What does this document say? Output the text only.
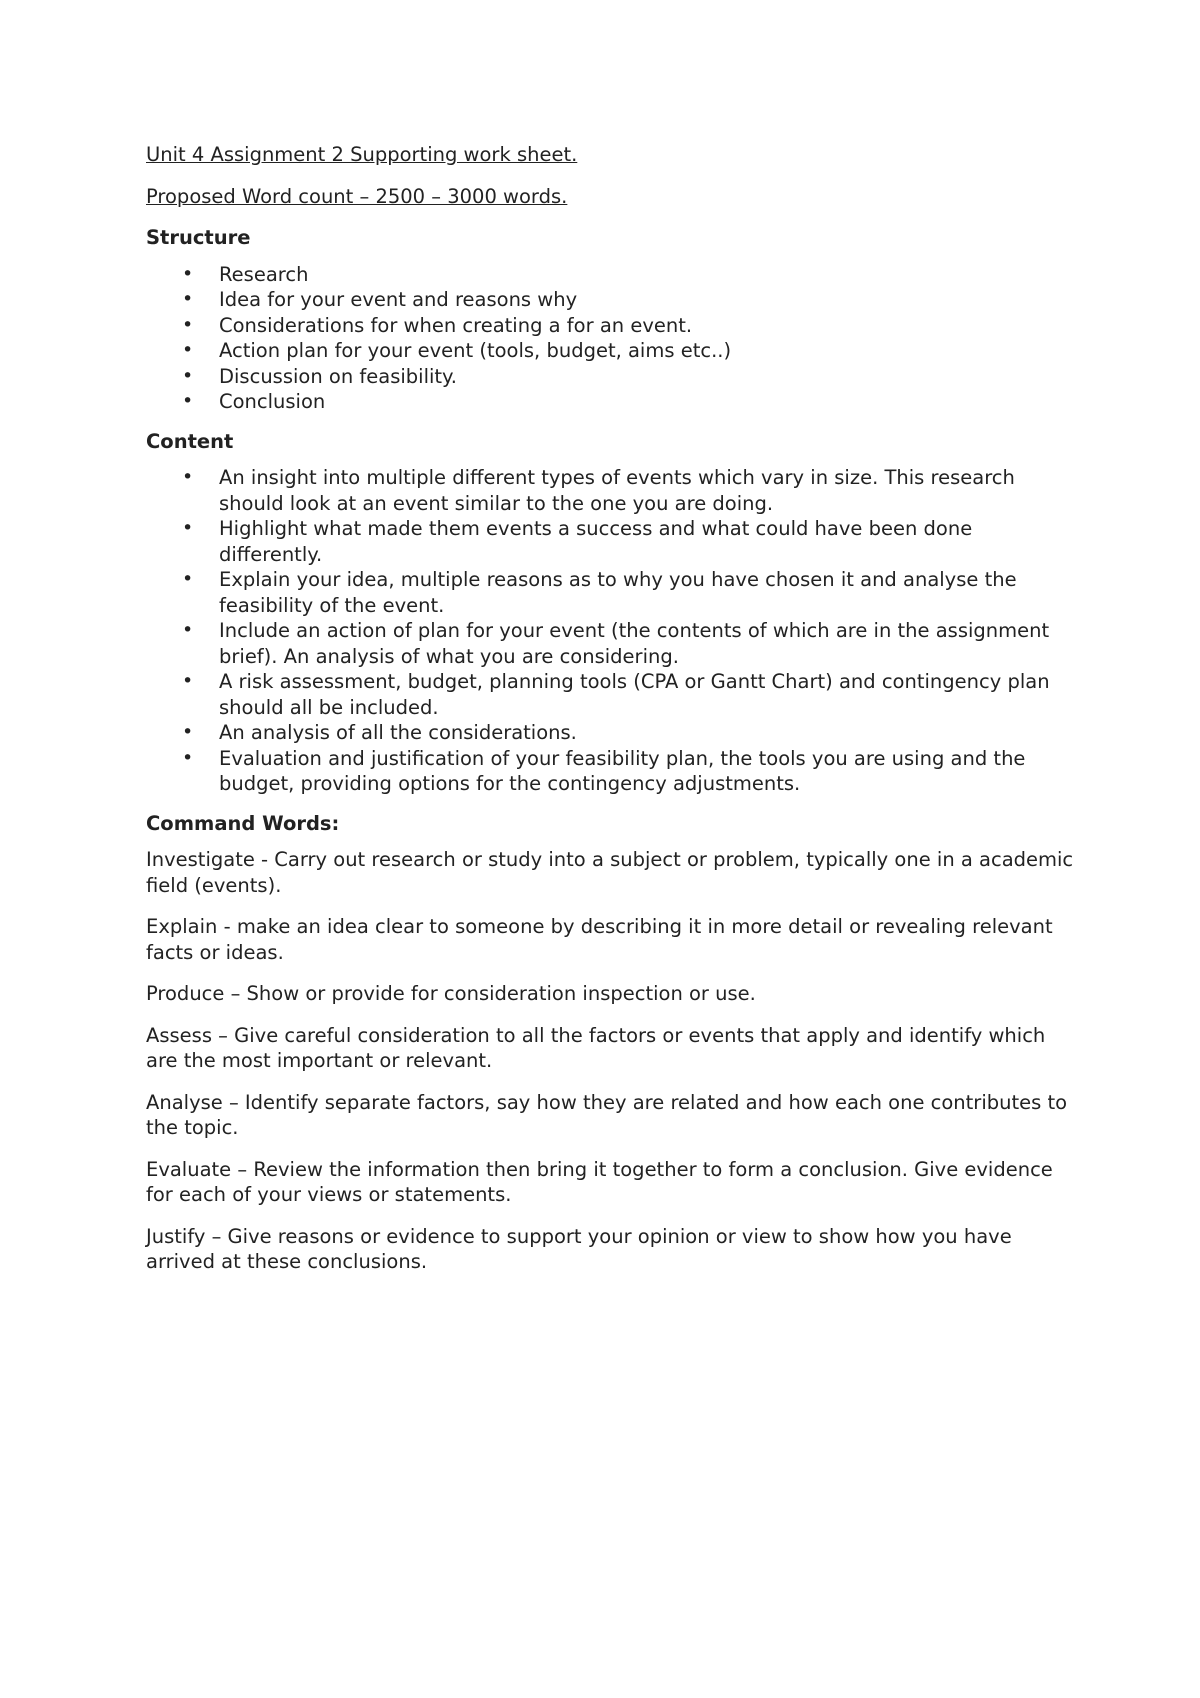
Unit 4 Assignment 2 Supporting work sheet.

Proposed Word count – 2500 – 3000 words.

Structure

• Research
• Idea for your event and reasons why
• Considerations for when creating a for an event.
• Action plan for your event (tools, budget, aims etc..)
• Discussion on feasibility.
• Conclusion

Content

• An insight into multiple different types of events which vary in size. This research should look at an event similar to the one you are doing.
• Highlight what made them events a success and what could have been done differently.
• Explain your idea, multiple reasons as to why you have chosen it and analyse the feasibility of the event.
• Include an action of plan for your event (the contents of which are in the assignment brief). An analysis of what you are considering.
• A risk assessment, budget, planning tools (CPA or Gantt Chart) and contingency plan should all be included.
• An analysis of all the considerations.
• Evaluation and justification of your feasibility plan, the tools you are using and the budget, providing options for the contingency adjustments.

Command Words:

Investigate - Carry out research or study into a subject or problem, typically one in a academic field (events).

Explain - make an idea clear to someone by describing it in more detail or revealing relevant facts or ideas.

Produce – Show or provide for consideration inspection or use.

Assess – Give careful consideration to all the factors or events that apply and identify which are the most important or relevant.

Analyse – Identify separate factors, say how they are related and how each one contributes to the topic.

Evaluate – Review the information then bring it together to form a conclusion. Give evidence for each of your views or statements.

Justify – Give reasons or evidence to support your opinion or view to show how you have arrived at these conclusions.
